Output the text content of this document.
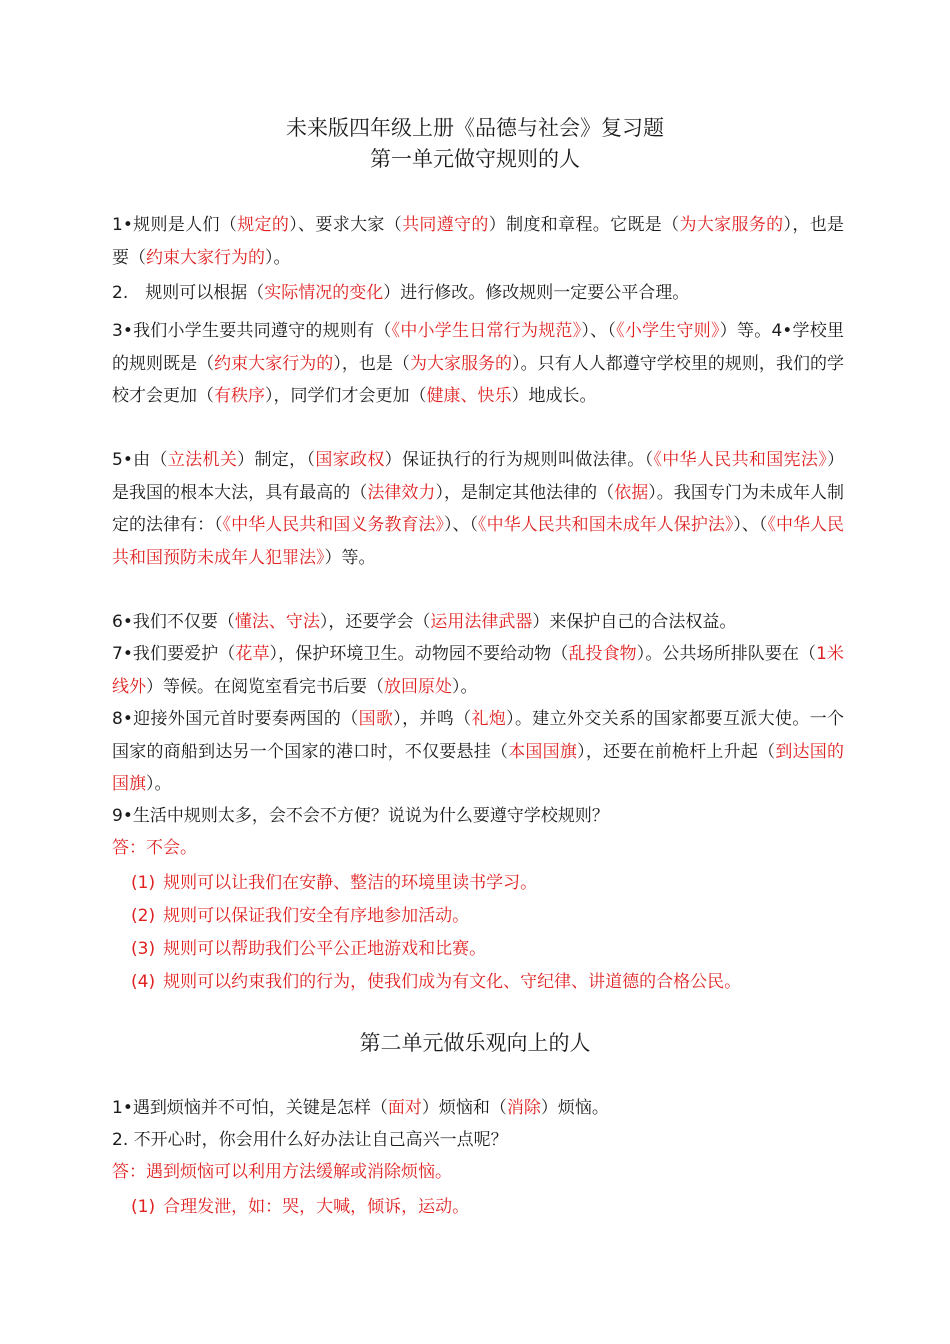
未来版四年级上册《品德与社会》复习题
第一单元做守规则的人
1•规则是人们（规定的）、要求大家（共同遵守的）制度和章程。它既是（为大家服务的），也是要（约束大家行为的）。
2.　规则可以根据（实际情况的变化）进行修改。修改规则一定要公平合理。
3•我们小学生要共同遵守的规则有（《中小学生日常行为规范》）、（《小学生守则》）等。4•学校里的规则既是（约束大家行为的），也是（为大家服务的）。只有人人都遵守学校里的规则，我们的学校才会更加（有秩序），同学们才会更加（健康、快乐）地成长。
5•由（立法机关）制定，（国家政权）保证执行的行为规则叫做法律。（《中华人民共和国宪法》）是我国的根本大法，具有最高的（法律效力），是制定其他法律的（依据）。我国专门为未成年人制定的法律有：（《中华人民共和国义务教育法》）、（《中华人民共和国未成年人保护法》）、（《中华人民共和国预防未成年人犯罪法》）等。
6•我们不仅要（懂法、守法），还要学会（运用法律武器）来保护自己的合法权益。
7•我们要爱护（花草），保护环境卫生。动物园不要给动物（乱投食物）。公共场所排队要在（1米线外）等候。在阅览室看完书后要（放回原处）。
8•迎接外国元首时要奏两国的（国歌），并鸣（礼炮）。建立外交关系的国家都要互派大使。一个国家的商船到达另一个国家的港口时，不仅要悬挂（本国国旗），还要在前桅杆上升起（到达国的国旗）。
9•生活中规则太多，会不会不方便？说说为什么要遵守学校规则？
答：不会。
(1) 规则可以让我们在安静、整洁的环境里读书学习。
(2) 规则可以保证我们安全有序地参加活动。
(3) 规则可以帮助我们公平公正地游戏和比赛。
(4) 规则可以约束我们的行为，使我们成为有文化、守纪律、讲道德的合格公民。
第二单元做乐观向上的人
1•遇到烦恼并不可怕，关键是怎样（面对）烦恼和（消除）烦恼。
2. 不开心时，你会用什么好办法让自己高兴一点呢？
答：遇到烦恼可以利用方法缓解或消除烦恼。
(1) 合理发泄，如：哭，大喊，倾诉，运动。
